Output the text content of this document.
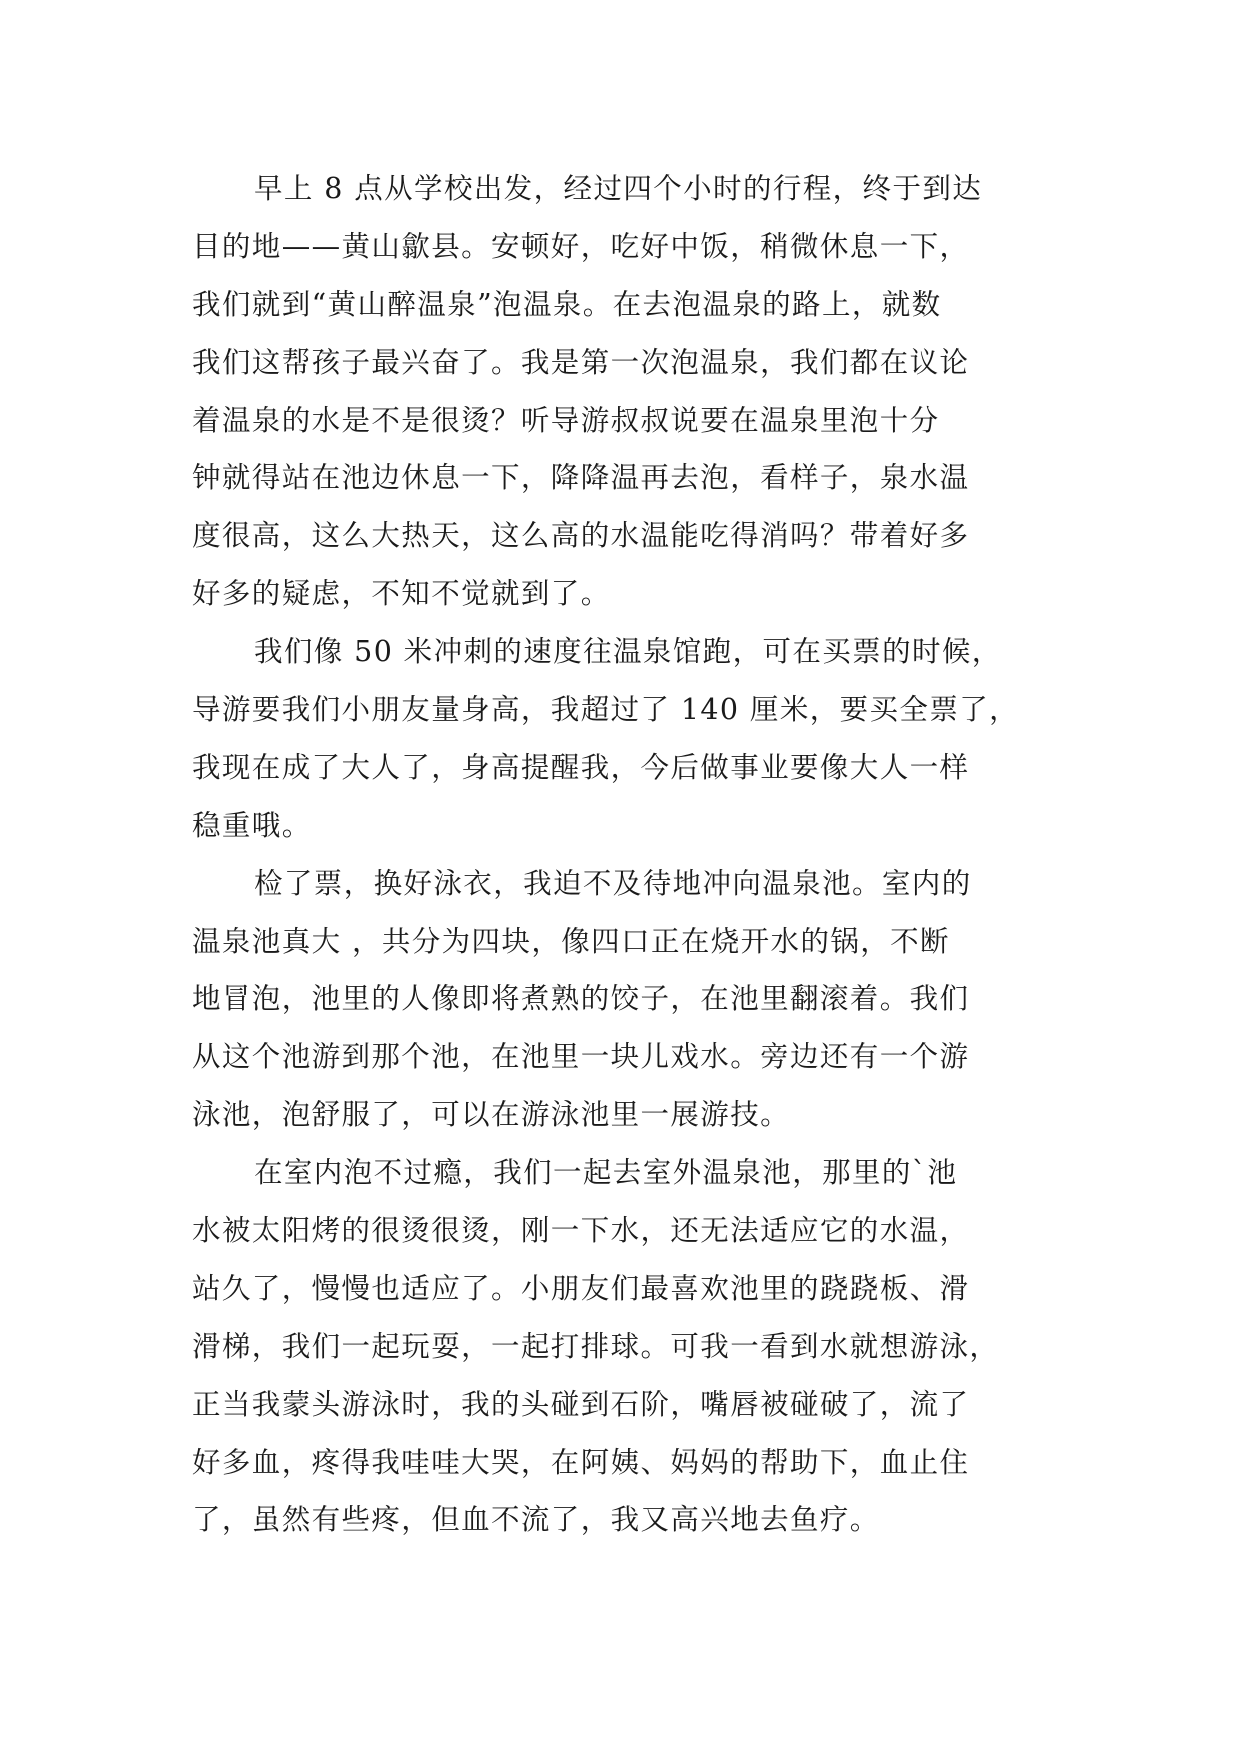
早上 8 点从学校出发，经过四个小时的行程，终于到达
目的地——黄山歙县。安顿好，吃好中饭，稍微休息一下，
我们就到“黄山醉温泉”泡温泉。在去泡温泉的路上，就数
我们这帮孩子最兴奋了。我是第一次泡温泉，我们都在议论
着温泉的水是不是很烫？听导游叔叔说要在温泉里泡十分
钟就得站在池边休息一下，降降温再去泡，看样子，泉水温
度很高，这么大热天，这么高的水温能吃得消吗？带着好多
好多的疑虑，不知不觉就到了。
我们像 50 米冲刺的速度往温泉馆跑，可在买票的时候，
导游要我们小朋友量身高，我超过了 140 厘米，要买全票了，
我现在成了大人了，身高提醒我，今后做事业要像大人一样
稳重哦。
检了票，换好泳衣，我迫不及待地冲向温泉池。室内的
温泉池真大 ，共分为四块，像四口正在烧开水的锅，不断
地冒泡，池里的人像即将煮熟的饺子，在池里翻滚着。我们
从这个池游到那个池，在池里一块儿戏水。旁边还有一个游
泳池，泡舒服了，可以在游泳池里一展游技。
在室内泡不过瘾，我们一起去室外温泉池，那里的`池
水被太阳烤的很烫很烫，刚一下水，还无法适应它的水温，
站久了，慢慢也适应了。小朋友们最喜欢池里的跷跷板、滑
滑梯，我们一起玩耍，一起打排球。可我一看到水就想游泳，
正当我蒙头游泳时，我的头碰到石阶，嘴唇被碰破了，流了
好多血，疼得我哇哇大哭，在阿姨、妈妈的帮助下，血止住
了，虽然有些疼，但血不流了，我又高兴地去鱼疗。
